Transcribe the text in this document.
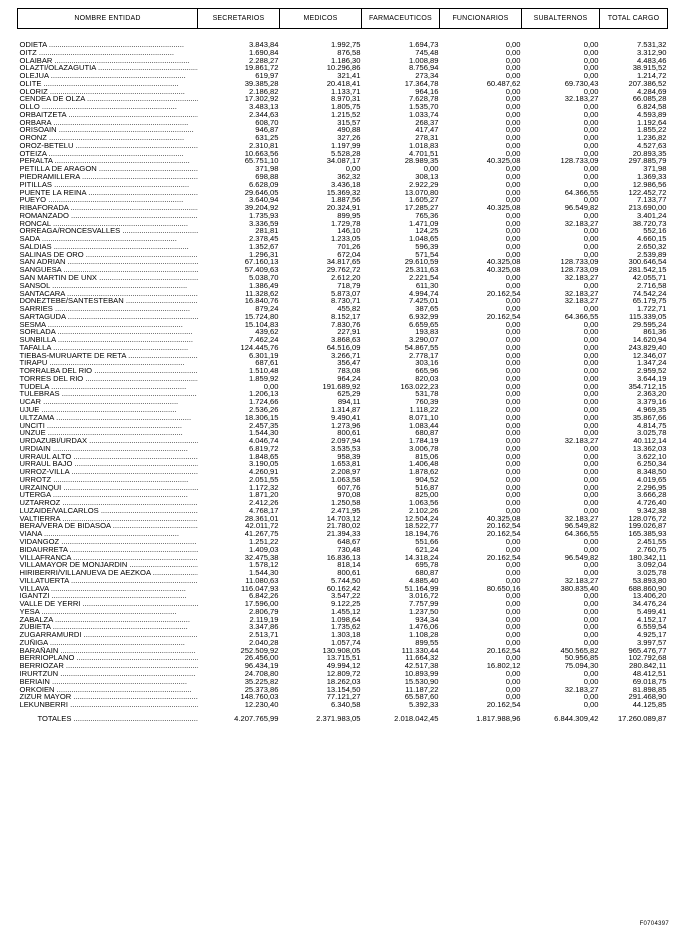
NOMBRE ENTIDAD	SECRETARIOS	MEDICOS	FARMACEUTICOS	FUNCIONARIOS	SUBALTERNOS	TOTAL CARGO

ODIETA .....	3.843,84	1.992,75	1.694,73	0,00	0,00	7.531,32
OITZ .....	1.690,84	876,58	745,48	0,00	0,00	3.312,90
OLAIBAR .....	2.288,27	1.186,30	1.008,89	0,00	0,00	4.483,46
OLAZTI/OLAZAGUTIA .....	19.861,72	10.296,86	8.756,94	0,00	0,00	38.915,52
OLEJUA .....	619,97	321,41	273,34	0,00	0,00	1.214,72
OLITE .....	39.385,28	20.418,41	17.364,78	60.487,62	69.730,43	207.386,52
OLORIZ .....	2.186,82	1.133,71	964,16	0,00	0,00	4.284,69
CENDEA DE OLZA .....	17.302,92	8.970,31	7.628,78	0,00	32.183,27	66.085,28
OLLO .....	3.483,13	1.805,75	1.535,70	0,00	0,00	6.824,58
ORBAITZETA .....	2.344,63	1.215,52	1.033,74	0,00	0,00	4.593,89
ORBARA .....	608,70	315,57	268,37	0,00	0,00	1.192,64
ORISOAIN .....	946,87	490,88	417,47	0,00	0,00	1.855,22
ORONZ .....	631,25	327,26	278,31	0,00	0,00	1.236,82
OROZ-BETELU .....	2.310,81	1.197,99	1.018,83	0,00	0,00	4.527,63
OTEIZA .....	10.663,56	5.528,28	4.701,51	0,00	0,00	20.893,35
PERALTA .....	65.751,10	34.087,17	28.989,35	40.325,08	128.733,09	297.885,79
PETILLA DE ARAGON .....	371,98	0,00	0,00	0,00	0,00	371,98
PIEDRAMILLERA .....	698,88	362,32	308,13	0,00	0,00	1.369,33
PITILLAS .....	6.628,09	3.436,18	2.922,29	0,00	0,00	12.986,56
PUENTE LA REINA .....	29.646,05	15.369,32	13.070,80	0,00	64.366,55	122.452,72
PUEYO .....	3.640,94	1.887,56	1.605,27	0,00	0,00	7.133,77
RIBAFORADA .....	39.204,92	20.324,91	17.285,27	40.325,08	96.549,82	213.690,00
ROMANZADO .....	1.735,93	899,95	765,36	0,00	0,00	3.401,24
RONCAL .....	3.336,59	1.729,78	1.471,09	0,00	32.183,27	38.720,73
ORREAGA/RONCESVALLES .....	281,81	146,10	124,25	0,00	0,00	552,16
SADA .....	2.378,45	1.233,05	1.048,65	0,00	0,00	4.660,15
SALDIAS .....	1.352,67	701,26	596,39	0,00	0,00	2.650,32
SALINAS DE ORO .....	1.296,31	672,04	571,54	0,00	0,00	2.539,89
SAN ADRIAN .....	67.160,13	34.817,65	29.610,59	40.325,08	128.733,09	300.646,54
SANGÜESA .....	57.409,63	29.762,72	25.311,63	40.325,08	128.733,09	281.542,15
SAN MARTIN DE UNX .....	5.038,70	2.612,20	2.221,54	0,00	32.183,27	42.055,71
SANSOL .....	1.386,49	718,79	611,30	0,00	0,00	2.716,58
SANTACARA .....	11.328,62	5.873,07	4.994,74	20.162,54	32.183,27	74.542,24
DONEZTEBE/SANTESTEBAN .....	16.840,76	8.730,71	7.425,01	0,00	32.183,27	65.179,75
SARRIES .....	879,24	455,82	387,65	0,00	0,00	1.722,71
SARTAGUDA .....	15.724,80	8.152,17	6.932,99	20.162,54	64.366,55	115.339,05
SESMA .....	15.104,83	7.830,76	6.659,65	0,00	0,00	29.595,24
SORLADA .....	439,62	227,91	193,83	0,00	0,00	861,36
SUNBILLA .....	7.462,24	3.868,63	3.290,07	0,00	0,00	14.620,94
TAFALLA .....	124.445,76	64.516,09	54.867,55	0,00	0,00	243.829,40
TIEBAS-MURUARTE DE RETA .....	6.301,19	3.266,71	2.778,17	0,00	0,00	12.346,07
TIRAPU .....	687,61	356,47	303,16	0,00	0,00	1.347,24
TORRALBA DEL RIO .....	1.510,48	783,08	665,96	0,00	0,00	2.959,52
TORRES DEL RIO .....	1.859,92	964,24	820,03	0,00	0,00	3.644,19
TUDELA .....	0,00	191.689,92	163.022,23	0,00	0,00	354.712,15
TULEBRAS .....	1.206,13	625,29	531,78	0,00	0,00	2.363,20
UCAR .....	1.724,66	894,11	760,39	0,00	0,00	3.379,16
UJUE .....	2.536,26	1.314,87	1.118,22	0,00	0,00	4.969,35
ULTZAMA .....	18.306,15	9.490,41	8.071,10	0,00	0,00	35.867,66
UNCITI .....	2.457,35	1.273,96	1.083,44	0,00	0,00	4.814,75
UNZUE .....	1.544,30	800,61	680,87	0,00	0,00	3.025,78
URDAZUBI/URDAX .....	4.046,74	2.097,94	1.784,19	0,00	32.183,27	40.112,14
URDIAIN .....	6.819,72	3.535,53	3.006,78	0,00	0,00	13.362,03
URRAUL ALTO .....	1.848,65	958,39	815,06	0,00	0,00	3.622,10
URRAUL BAJO .....	3.190,05	1.653,81	1.406,48	0,00	0,00	6.250,34
URROZ-VILLA .....	4.260,91	2.208,97	1.878,62	0,00	0,00	8.348,50
URROTZ .....	2.051,55	1.063,58	904,52	0,00	0,00	4.019,65
URZAINQUI .....	1.172,32	607,76	516,87	0,00	0,00	2.296,95
UTERGA .....	1.871,20	970,08	825,00	0,00	0,00	3.666,28
UZTARROZ .....	2.412,26	1.250,58	1.063,56	0,00	0,00	4.726,40
LUZAIDE/VALCARLOS .....	4.768,17	2.471,95	2.102,26	0,00	0,00	9.342,38
VALTIERRA .....	28.361,01	14.703,12	12.504,24	40.325,08	32.183,27	128.076,72
BERA/VERA DE BIDASOA .....	42.011,72	21.780,02	18.522,77	20.162,54	96.549,82	199.026,87
VIANA .....	41.267,75	21.394,33	18.194,76	20.162,54	64.366,55	165.385,93
VIDANGOZ .....	1.251,22	648,67	551,66	0,00	0,00	2.451,55
BIDAURRETA .....	1.409,03	730,48	621,24	0,00	0,00	2.760,75
VILLAFRANCA .....	32.475,38	16.836,13	14.318,24	20.162,54	96.549,82	180.342,11
VILLAMAYOR DE MONJARDIN .....	1.578,12	818,14	695,78	0,00	0,00	3.092,04
HIRIBERRI/VILLANUEVA DE AEZKOA .....	1.544,30	800,61	680,87	0,00	0,00	3.025,78
VILLATUERTA .....	11.080,63	5.744,50	4.885,40	0,00	32.183,27	53.893,80
VILLAVA .....	116.047,93	60.162,42	51.164,99	80.650,16	380.835,40	688.860,90
IGANTZI .....	6.842,26	3.547,22	3.016,72	0,00	0,00	13.406,20
VALLE DE YERRI .....	17.596,00	9.122,25	7.757,99	0,00	0,00	34.476,24
YESA .....	2.806,79	1.455,12	1.237,50	0,00	0,00	5.499,41
ZABALZA .....	2.119,19	1.098,64	934,34	0,00	0,00	4.152,17
ZUBIETA .....	3.347,86	1.735,62	1.476,06	0,00	0,00	6.559,54
ZUGARRAMURDI .....	2.513,71	1.303,18	1.108,28	0,00	0,00	4.925,17
ZUÑIGA .....	2.040,28	1.057,74	899,55	0,00	0,00	3.997,57
BARAÑAIN .....	252.509,92	130.908,05	111.330,44	20.162,54	450.565,82	965.476,77
BERRIOPLANO .....	26.456,00	13.715,51	11.664,32	0,00	50.956,85	102.792,68
BERRIOZAR .....	96.434,19	49.994,12	42.517,38	16.802,12	75.094,30	280.842,11
IRURTZUN .....	24.708,80	12.809,72	10.893,99	0,00	0,00	48.412,51
BERIAIN .....	35.225,82	18.262,03	15.530,90	0,00	0,00	69.018,75
ORKOIEN .....	25.373,86	13.154,50	11.187,22	0,00	32.183,27	81.898,85
ZIZUR MAYOR .....	148.760,03	77.121,27	65.587,60	0,00	0,00	291.468,90
LEKUNBERRI .....	12.230,40	6.340,58	5.392,33	20.162,54	0,00	44.125,85
TOTALES .....	4.207.765,99	2.371.983,05	2.018.042,45	1.817.988,96	6.844.309,42	17.260.089,87
F0704397
